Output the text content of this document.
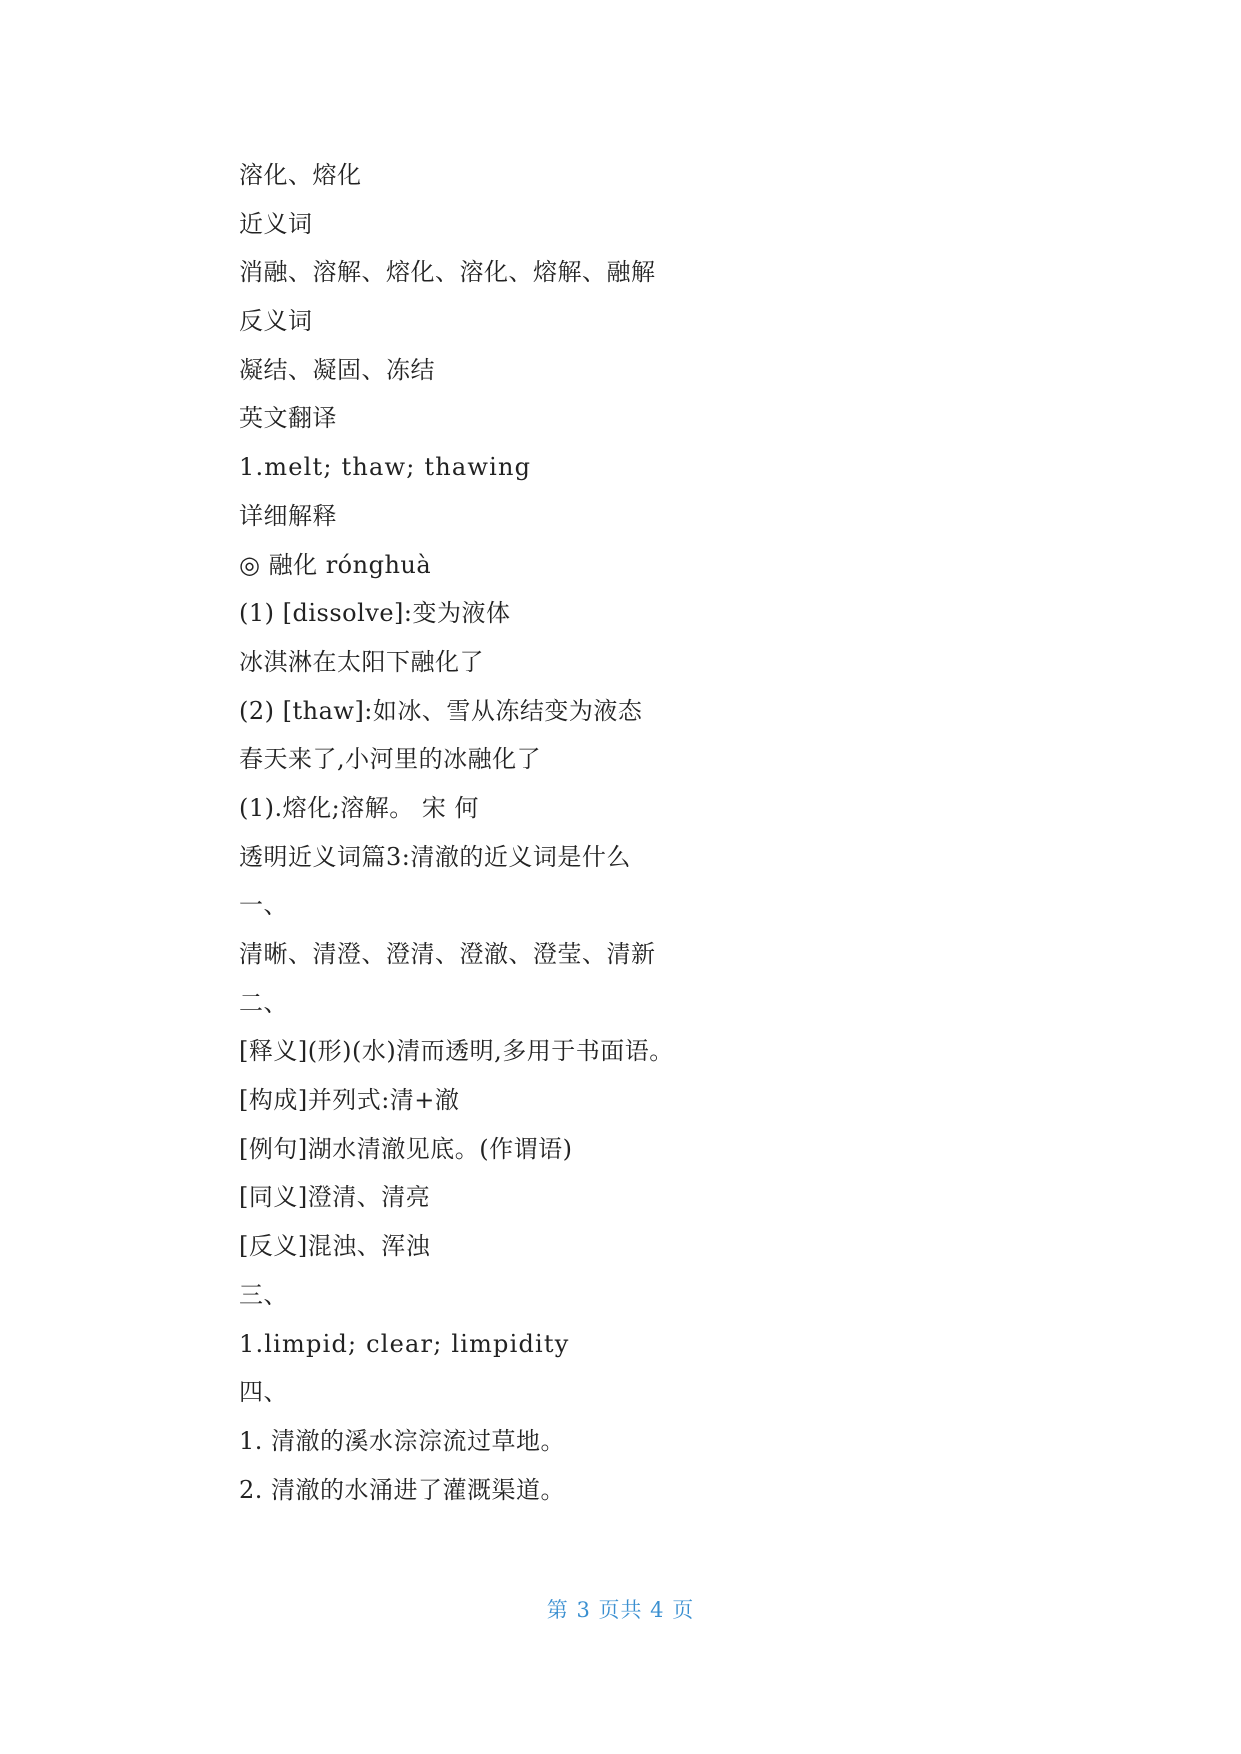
溶化、熔化
近义词
消融、溶解、熔化、溶化、熔解、融解
反义词
凝结、凝固、冻结
英文翻译
1.melt; thaw; thawing
详细解释
◎ 融化 rónghuà
(1) [dissolve]:变为液体
冰淇淋在太阳下融化了
(2) [thaw]:如冰、雪从冻结变为液态
春天来了,小河里的冰融化了
(1).熔化;溶解。 宋 何
透明近义词篇3:清澈的近义词是什么
一、
清晰、清澄、澄清、澄澈、澄莹、清新
二、
[释义](形)(水)清而透明,多用于书面语。
[构成]并列式:清+澈
[例句]湖水清澈见底。(作谓语)
[同义]澄清、清亮
[反义]混浊、浑浊
三、
1.limpid; clear; limpidity
四、
1. 清澈的溪水淙淙流过草地。
2. 清澈的水涌进了灌溉渠道。
第 3 页共 4 页
